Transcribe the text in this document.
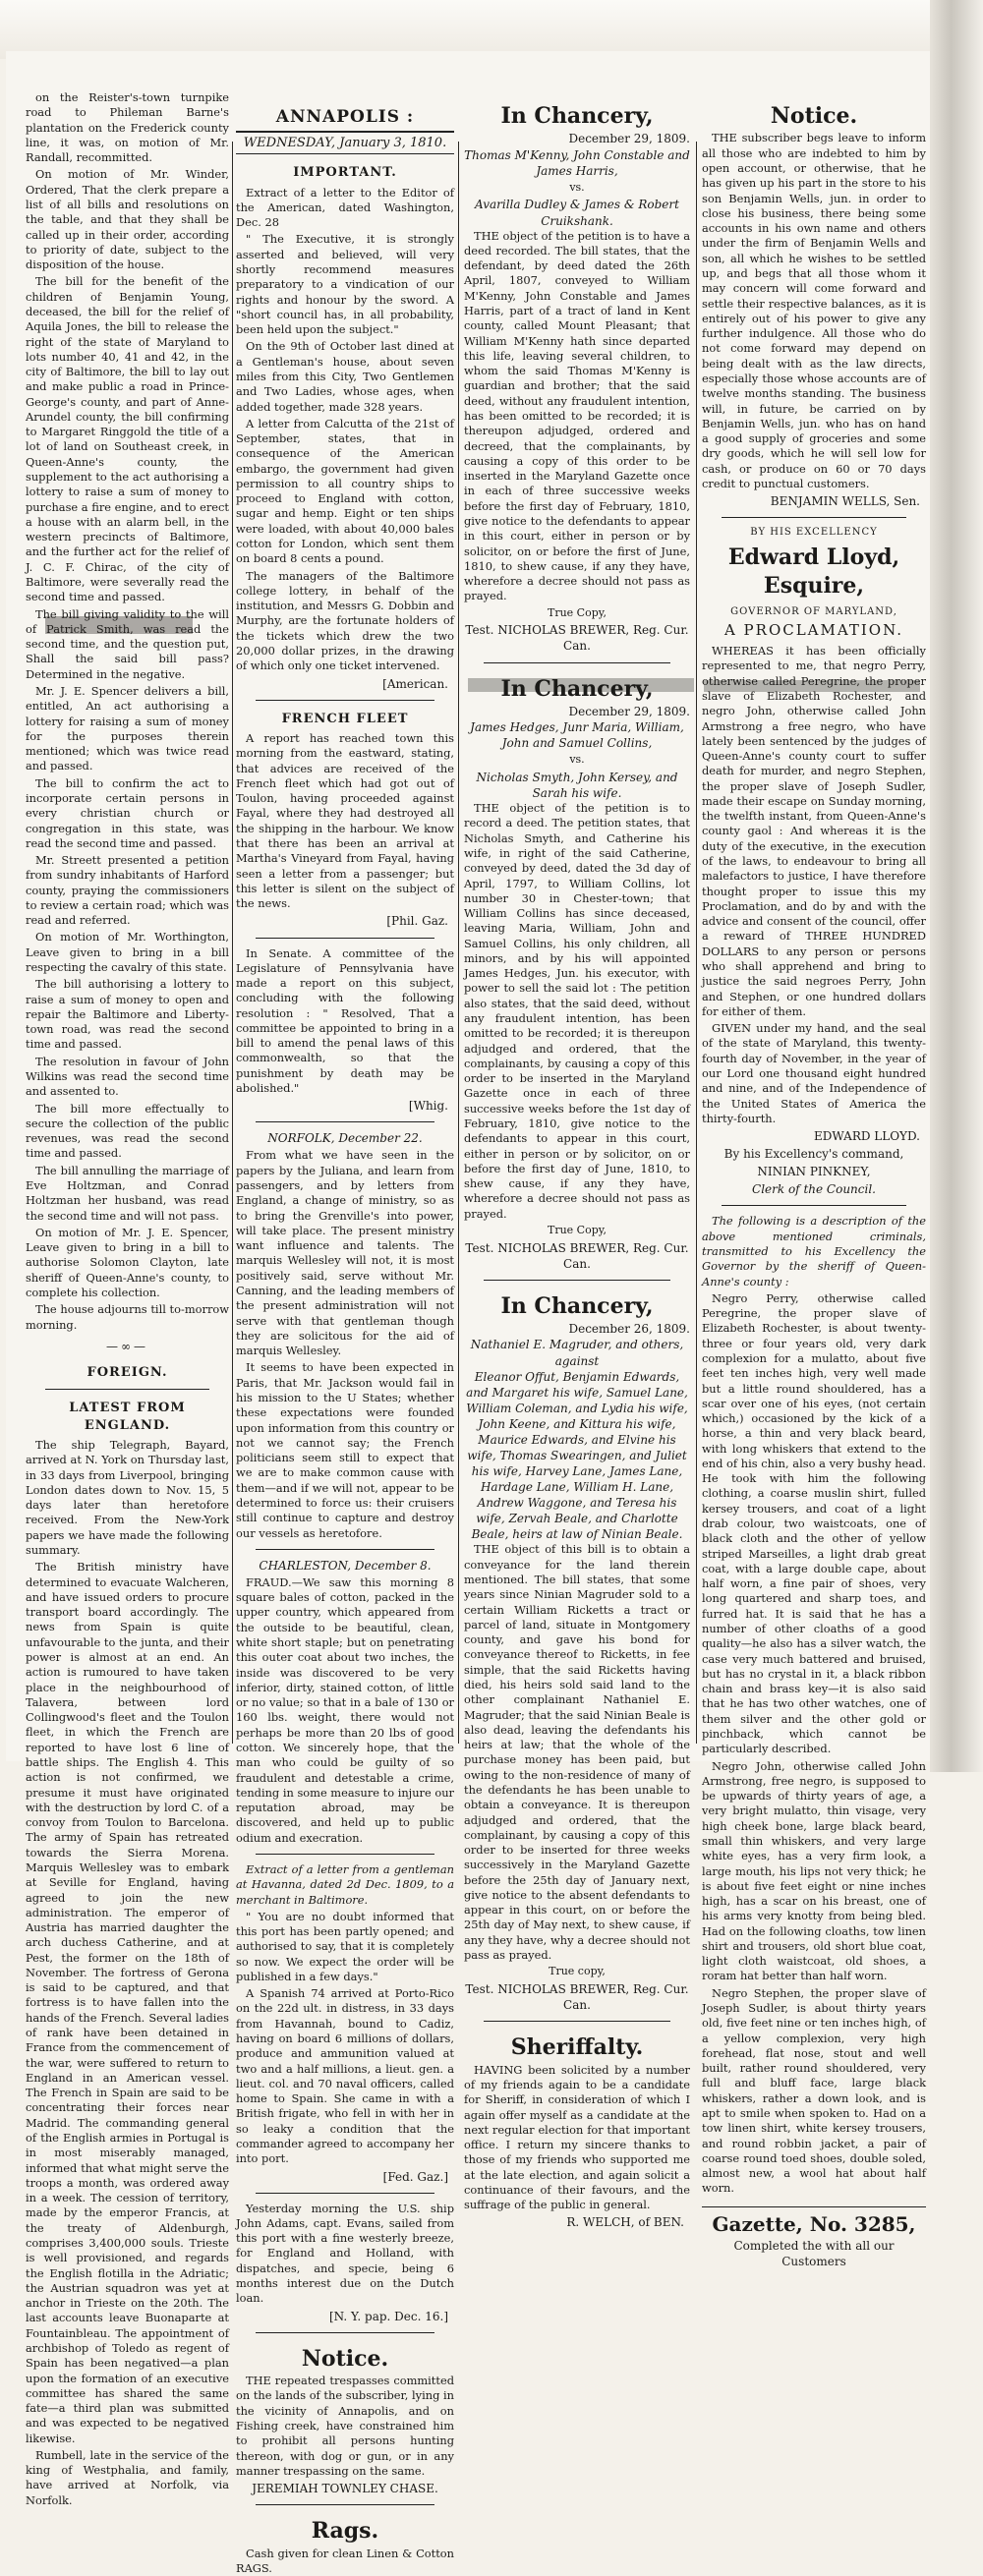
on the Reister's-town turnpike road to Phileman Barne's plantation on the Frederick county line, it was, on motion of Mr. Randall, recommitted.

On motion of Mr. Winder, Ordered, That the clerk prepare a list of all bills and resolutions on the table, and that they shall be called up in their order, according to priority of date, subject to the disposition of the house.

The bill for the benefit of the children of Benjamin Young, deceased, the bill for the relief of Aquila Jones, the bill to release the right of the state of Maryland to lots number 40, 41 and 42, in the city of Baltimore, the bill to lay out and make public a road in Prince-George's county, and part of Anne-Arundel county, the bill confirming to Margaret Ringgold the title of a lot of land on Southeast creek, in Queen-Anne's county, the supplement to the act authorising a lottery to raise a sum of money to purchase a fire engine, and to erect a house with an alarm bell, in the western precincts of Baltimore, and the further act for the relief of J. C. F. Chirac, of the city of Baltimore, were severally read the second time and passed.

The bill giving validity to the will of Patrick Smith, was read the second time, and the question put, Shall the said bill pass? Determined in the negative.

Mr. J. E. Spencer delivers a bill, entitled, An act authorising a lottery for raising a sum of money for the purposes therein mentioned; which was twice read and passed.

The bill to confirm the act to incorporate certain persons in every christian church or congregation in this state, was read the second time and passed.

Mr. Streett presented a petition from sundry inhabitants of Harford county, praying the commissioners to review a certain road; which was read and referred.

On motion of Mr. Worthington, Leave given to bring in a bill respecting the cavalry of this state.

The bill authorising a lottery to raise a sum of money to open and repair the Baltimore and Liberty-town road, was read the second time and passed.

The resolution in favour of John Wilkins was read the second time and assented to.

The bill more effectually to secure the collection of the public revenues, was read the second time and passed.

The bill annulling the marriage of Eve Holtzman, and Conrad Holtzman her husband, was read the second time and will not pass.

On motion of Mr. J. E. Spencer, Leave given to bring in a bill to authorise Solomon Clayton, late sheriff of Queen-Anne's county, to complete his collection.

The house adjourns till to-morrow morning.

—∞—
FOREIGN.
LATEST FROM ENGLAND.

The ship Telegraph, Bayard, arrived at N. York on Thursday last, in 33 days from Liverpool, bringing London dates down to Nov. 15, 5 days later than heretofore received. From the New-York papers we have made the following summary.

The British ministry have determined to evacuate Walcheren, and have issued orders to procure transport board accordingly. The news from Spain is quite unfavourable to the junta, and their power is almost at an end. An action is rumoured to have taken place in the neighbourhood of Talavera, between lord Collingwood's fleet and the Toulon fleet, in which the French are reported to have lost 6 line of battle ships. The English 4. This action is not confirmed, we presume it must have originated with the destruction by lord C. of a convoy from Toulon to Barcelona. The army of Spain has retreated towards the Sierra Morena. Marquis Wellesley was to embark at Seville for England, having agreed to join the new administration. The emperor of Austria has married daughter the arch duchess Catherine, and at Pest, the former on the 18th of November. The fortress of Gerona is said to be captured, and that fortress is to have fallen into the hands of the French. Several ladies of rank have been detained in France from the commencement of the war, were suffered to return to England in an American vessel. The French in Spain are said to be concentrating their forces near Madrid. The commanding general of the English armies in Portugal is in most miserably managed, informed that what might serve the troops a month, was ordered away in a week. The cession of territory, made by the emperor Francis, at the treaty of Aldenburgh, comprises 3,400,000 souls. Trieste is well provisioned, and regards the English flotilla in the Adriatic; the Austrian squadron was yet at anchor in Trieste on the 20th. The last accounts leave Buonaparte at Fountainbleau. The appointment of archbishop of Toledo as regent of Spain has been negatived—a plan upon the formation of an executive committee has shared the same fate—a third plan was submitted and was expected to be negatived likewise.

Rumbell, late in the service of the king of Westphalia, and family, have arrived at Norfolk, via Norfolk.

ANNAPOLIS :
WEDNESDAY, January 3, 1810.
IMPORTANT.

Extract of a letter to the Editor of the American, dated Washington, Dec. 28

" The Executive, it is strongly asserted and believed, will very shortly recommend measures preparatory to a vindication of our rights and honour by the sword. A "short council has, in all probability, been held upon the subject."

On the 9th of October last dined at a Gentleman's house, about seven miles from this City, Two Gentlemen and Two Ladies, whose ages, when added together, made 328 years.

A letter from Calcutta of the 21st of September, states, that in consequence of the American embargo, the government had given permission to all country ships to proceed to England with cotton, sugar and hemp. Eight or ten ships were loaded, with about 40,000 bales cotton for London, which sent them on board 8 cents a pound.

The managers of the Baltimore college lottery, in behalf of the institution, and Messrs G. Dobbin and Murphy, are the fortunate holders of the tickets which drew the two 20,000 dollar prizes, in the drawing of which only one ticket intervened.

[American.
FRENCH FLEET

A report has reached town this morning from the eastward, stating, that advices are received of the French fleet which had got out of Toulon, having proceeded against Fayal, where they had destroyed all the shipping in the harbour. We know that there has been an arrival at Martha's Vineyard from Fayal, having seen a letter from a passenger; but this letter is silent on the subject of the news.

[Phil. Gaz.

In Senate. A committee of the Legislature of Pennsylvania have made a report on this subject, concluding with the following resolution : " Resolved, That a committee be appointed to bring in a bill to amend the penal laws of this commonwealth, so that the punishment by death may be abolished."

[Whig.
NORFOLK, December 22.

From what we have seen in the papers by the Juliana, and learn from passengers, and by letters from England, a change of ministry, so as to bring the Grenville's into power, will take place. The present ministry want influence and talents. The marquis Wellesley will not, it is most positively said, serve without Mr. Canning, and the leading members of the present administration will not serve with that gentleman though they are solicitous for the aid of marquis Wellesley.

It seems to have been expected in Paris, that Mr. Jackson would fail in his mission to the U States; whether these expectations were founded upon information from this country or not we cannot say; the French politicians seem still to expect that we are to make common cause with them—and if we will not, appear to be determined to force us: their cruisers still continue to capture and destroy our vessels as heretofore.

CHARLESTON, December 8.

FRAUD.—We saw this morning 8 square bales of cotton, packed in the upper country, which appeared from the outside to be beautiful, clean, white short staple; but on penetrating this outer coat about two inches, the inside was discovered to be very inferior, dirty, stained cotton, of little or no value; so that in a bale of 130 or 160 lbs. weight, there would not perhaps be more than 20 lbs of good cotton. We sincerely hope, that the man who could be guilty of so fraudulent and detestable a crime, tending in some measure to injure our reputation abroad, may be discovered, and held up to public odium and execration.

Extract of a letter from a gentleman at Havanna, dated 2d Dec. 1809, to a merchant in Baltimore.

" You are no doubt informed that this port has been partly opened; and authorised to say, that it is completely so now. We expect the order will be published in a few days."

A Spanish 74 arrived at Porto-Rico on the 22d ult. in distress, in 33 days from Havannah, bound to Cadiz, having on board 6 millions of dollars, produce and ammunition valued at two and a half millions, a lieut. gen. a lieut. col. and 70 naval officers, called home to Spain. She came in with a British frigate, who fell in with her in so leaky a condition that the commander agreed to accompany her into port.

[Fed. Gaz.]

Yesterday morning the U.S. ship John Adams, capt. Evans, sailed from this port with a fine westerly breeze, for England and Holland, with dispatches, and specie, being 6 months interest due on the Dutch loan.

[N. Y. pap. Dec. 16.]
Notice.

THE repeated trespasses committed on the lands of the subscriber, lying in the vicinity of Annapolis, and on Fishing creek, have constrained him to prohibit all persons hunting thereon, with dog or gun, or in any manner trespassing on the same.

JEREMIAH TOWNLEY CHASE.
Rags.

Cash given for clean Linen & Cotton RAGS.

In Chancery,
December 29, 1809.
Thomas M'Kenny, John Constable and James Harris,
vs.
Avarilla Dudley & James & Robert Cruikshank.

THE object of the petition is to have a deed recorded. The bill states, that the defendant, by deed dated the 26th April, 1807, conveyed to William M'Kenny, John Constable and James Harris, part of a tract of land in Kent county, called Mount Pleasant; that William M'Kenny hath since departed this life, leaving several children, to whom the said Thomas M'Kenny is guardian and brother; that the said deed, without any fraudulent intention, has been omitted to be recorded; it is thereupon adjudged, ordered and decreed, that the complainants, by causing a copy of this order to be inserted in the Maryland Gazette once in each of three successive weeks before the first day of February, 1810, give notice to the defendants to appear in this court, either in person or by solicitor, on or before the first of June, 1810, to shew cause, if any they have, wherefore a decree should not pass as prayed.

True Copy,
Test. NICHOLAS BREWER, Reg. Cur. Can.
In Chancery,
December 29, 1809.
James Hedges, Junr Maria, William, John and Samuel Collins,
vs.
Nicholas Smyth, John Kersey, and Sarah his wife.

THE object of the petition is to record a deed. The petition states, that Nicholas Smyth, and Catherine his wife, in right of the said Catherine, conveyed by deed, dated the 3d day of April, 1797, to William Collins, lot number 30 in Chester-town; that William Collins has since deceased, leaving Maria, William, John and Samuel Collins, his only children, all minors, and by his will appointed James Hedges, Jun. his executor, with power to sell the said lot : The petition also states, that the said deed, without any fraudulent intention, has been omitted to be recorded; it is thereupon adjudged and ordered, that the complainants, by causing a copy of this order to be inserted in the Maryland Gazette once in each of three successive weeks before the 1st day of February, 1810, give notice to the defendants to appear in this court, either in person or by solicitor, on or before the first day of June, 1810, to shew cause, if any they have, wherefore a decree should not pass as prayed.

True Copy,
Test. NICHOLAS BREWER, Reg. Cur. Can.
In Chancery,
December 26, 1809.
Nathaniel E. Magruder, and others, against
Eleanor Offut, Benjamin Edwards, and Margaret his wife, Samuel Lane, William Coleman, and Lydia his wife, John Keene, and Kittura his wife, Maurice Edwards, and Elvine his wife, Thomas Swearingen, and Juliet his wife, Harvey Lane, James Lane, Hardage Lane, William H. Lane, Andrew Waggone, and Teresa his wife, Zervah Beale, and Charlotte Beale, heirs at law of Ninian Beale.

THE object of this bill is to obtain a conveyance for the land therein mentioned. The bill states, that some years since Ninian Magruder sold to a certain William Ricketts a tract or parcel of land, situate in Montgomery county, and gave his bond for conveyance thereof to Ricketts, in fee simple, that the said Ricketts having died, his heirs sold said land to the other complainant Nathaniel E. Magruder; that the said Ninian Beale is also dead, leaving the defendants his heirs at law; that the whole of the purchase money has been paid, but owing to the non-residence of many of the defendants he has been unable to obtain a conveyance. It is thereupon adjudged and ordered, that the complainant, by causing a copy of this order to be inserted for three weeks successively in the Maryland Gazette before the 25th day of January next, give notice to the absent defendants to appear in this court, on or before the 25th day of May next, to shew cause, if any they have, why a decree should not pass as prayed.

True copy,
Test. NICHOLAS BREWER, Reg. Cur. Can.
Sheriffalty.

HAVING been solicited by a number of my friends again to be a candidate for Sheriff, in consideration of which I again offer myself as a candidate at the next regular election for that important office. I return my sincere thanks to those of my friends who supported me at the late election, and again solicit a continuance of their favours, and the suffrage of the public in general.

R. WELCH, of BEN.
Notice.

THE subscriber begs leave to inform all those who are indebted to him by open account, or otherwise, that he has given up his part in the store to his son Benjamin Wells, jun. in order to close his business, there being some accounts in his own name and others under the firm of Benjamin Wells and son, all which he wishes to be settled up, and begs that all those whom it may concern will come forward and settle their respective balances, as it is entirely out of his power to give any further indulgence. All those who do not come forward may depend on being dealt with as the law directs, especially those whose accounts are of twelve months standing. The business will, in future, be carried on by Benjamin Wells, jun. who has on hand a good supply of groceries and some dry goods, which he will sell low for cash, or produce on 60 or 70 days credit to punctual customers.

BENJAMIN WELLS, Sen.
BY HIS EXCELLENCY
Edward Lloyd, Esquire,
GOVERNOR OF MARYLAND,
A PROCLAMATION.

WHEREAS it has been officially represented to me, that negro Perry, otherwise called Peregrine, the proper slave of Elizabeth Rochester, and negro John, otherwise called John Armstrong a free negro, who have lately been sentenced by the judges of Queen-Anne's county court to suffer death for murder, and negro Stephen, the proper slave of Joseph Sudler, made their escape on Sunday morning, the twelfth instant, from Queen-Anne's county gaol : And whereas it is the duty of the executive, in the execution of the laws, to endeavour to bring all malefactors to justice, I have therefore thought proper to issue this my Proclamation, and do by and with the advice and consent of the council, offer a reward of THREE HUNDRED DOLLARS to any person or persons who shall apprehend and bring to justice the said negroes Perry, John and Stephen, or one hundred dollars for either of them.

GIVEN under my hand, and the seal of the state of Maryland, this twenty-fourth day of November, in the year of our Lord one thousand eight hundred and nine, and of the Independence of the United States of America the thirty-fourth.

EDWARD LLOYD.
By his Excellency's command,
NINIAN PINKNEY,
Clerk of the Council.

The following is a description of the above mentioned criminals, transmitted to his Excellency the Governor by the sheriff of Queen-Anne's county :

Negro Perry, otherwise called Peregrine, the proper slave of Elizabeth Rochester, is about twenty-three or four years old, very dark complexion for a mulatto, about five feet ten inches high, very well made but a little round shouldered, has a scar over one of his eyes, (not certain which,) occasioned by the kick of a horse, a thin and very black beard, with long whiskers that extend to the end of his chin, also a very bushy head. He took with him the following clothing, a coarse muslin shirt, fulled kersey trousers, and coat of a light drab colour, two waistcoats, one of black cloth and the other of yellow striped Marseilles, a light drab great coat, with a large double cape, about half worn, a fine pair of shoes, very long quartered and sharp toes, and furred hat. It is said that he has a number of other cloaths of a good quality—he also has a silver watch, the case very much battered and bruised, but has no crystal in it, a black ribbon chain and brass key—it is also said that he has two other watches, one of them silver and the other gold or pinchback, which cannot be particularly described.

Negro John, otherwise called John Armstrong, free negro, is supposed to be upwards of thirty years of age, a very bright mulatto, thin visage, very high cheek bone, large black beard, small thin whiskers, and very large white eyes, has a very firm look, a large mouth, his lips not very thick; he is about five feet eight or nine inches high, has a scar on his breast, one of his arms very knotty from being bled. Had on the following cloaths, tow linen shirt and trousers, old short blue coat, light cloth waistcoat, old shoes, a roram hat better than half worn.

Negro Stephen, the proper slave of Joseph Sudler, is about thirty years old, five feet nine or ten inches high, of a yellow complexion, very high forehead, flat nose, stout and well built, rather round shouldered, very full and bluff face, large black whiskers, rather a down look, and is apt to smile when spoken to. Had on a tow linen shirt, white kersey trousers, and round robbin jacket, a pair of coarse round toed shoes, double soled, almost new, a wool hat about half worn.

Gazette, No. 3285,
Completed the with all our Customers
